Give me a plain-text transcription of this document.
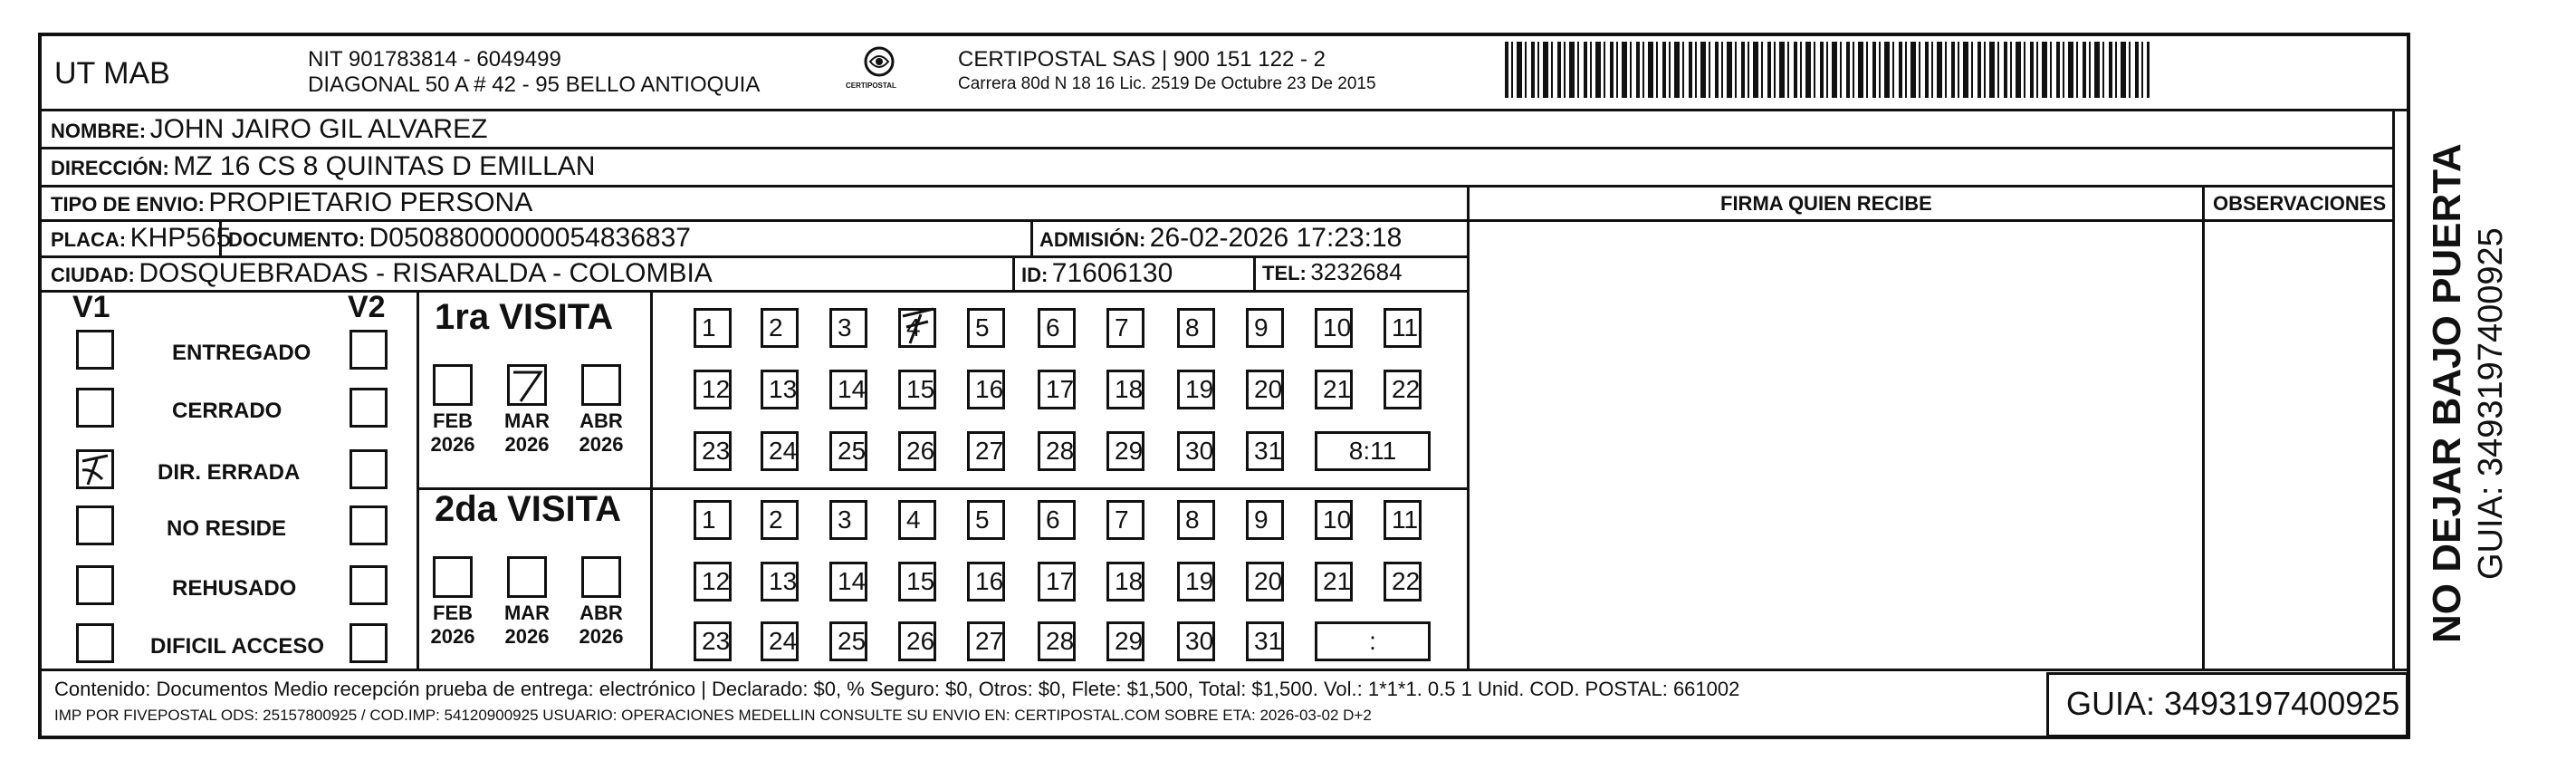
UT MAB	NIT 901783814 - 6049499
DIAGONAL 50 A # 42 - 95 BELLO ANTIOQUIA	CERTIPOSTAL
CERTIPOSTAL SAS | 900 151 122 - 2
Carrera 80d N 18 16 Lic. 2519 De Octubre 23 De 2015
NOMBRE: JOHN JAIRO GIL ALVAREZ
DIRECCIÓN: MZ 16 CS 8 QUINTAS D EMILLAN
TIPO DE ENVIO: PROPIETARIO PERSONA	FIRMA QUIEN RECIBE	OBSERVACIONES
PLACA: KHP565
DOCUMENTO: D05088000000054836837	ADMISIÓN: 26-02-2026 17:23:18
CIUDAD: DOSQUEBRADAS - RISARALDA - COLOMBIA	ID: 71606130	TEL: 3232684
V1	V2 1ra VISITA
2da VISITA
ENTREGADO
CERRADO
DIR. ERRADA
NO RESIDE
REHUSADO
DIFICIL ACCESO
FEB
2026
MAR
2026
ABR
2026
FEB
2026
MAR
2026
ABR
2026
1	2	3	4	5	6	7	8	9	10	11
12	13	14	15	16	17	18	19	20	21	22
23	24	25	26	27	28	29	30	31	8:11
1	2	3	4	5	6	7	8	9	10	11
12	13	14	15	16	17	18	19	20	21	22
23	24	25	26	27	28	29	30	31	:
Contenido: Documentos Medio recepción prueba de entrega: electrónico | Declarado: $0, % Seguro: $0, Otros: $0, Flete: $1,500, Total: $1,500. Vol.: 1*1*1. 0.5 1 Unid. COD. POSTAL: 661002
IMP POR FIVEPOSTAL ODS: 25157800925 / COD.IMP: 54120900925 USUARIO: OPERACIONES MEDELLIN CONSULTE SU ENVIO EN: CERTIPOSTAL.COM SOBRE ETA: 2026-03-02 D+2	GUIA: 3493197400925
NO DEJAR BAJO PUERTA GUIA: 3493197400925
